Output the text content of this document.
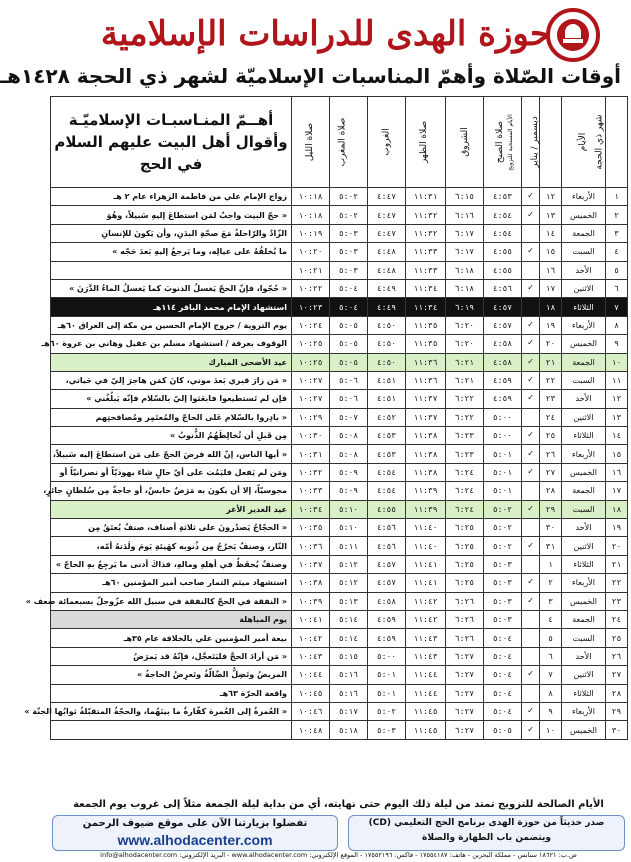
حوزة الهدى للدراسات الإسلامية
أوقات الصّلاة وأهمّ المناسبات الإسلاميّة لشهر ذي الحجة ١٤٢٨هـ
شهر ذي الحجة	الأيام	ديسمبر / يناير	الأيام المستحبة للتزويج	صلاة الصبح	الشروق	صلاة الظهر	الغروب	صلاة المغرب	صلاة الليل	أهــمّ المنـاسبـات الإسلاميّـة وأقوال أهل البيت عليهم السلام في الحج
١	الأربعاء	١٢	✓	٤:٥٣	٦:١٥	١١:٣١	٤:٤٧	٥:٠٢	١٠:١٨	زواج الإمام علي من فاطمة الزهراء عام ٢ هـ
٢	الخميس	١٣	✓	٤:٥٤	٦:١٦	١١:٣٢	٤:٤٧	٥:٠٢	١٠:١٨	« حجّ البيت واجبٌ لمَن استطاعَ إليهِ سَبيلاً، وهُوَ
٣	الجمعة	١٤		٤:٥٤	٦:١٧	١١:٣٢	٤:٤٧	٥:٠٣	١٠:١٩	الزّادُ والرّاحلةُ مَعَ صحّةِ البدَنِ، وأن يَكونَ للإنسانِ
٤	السبت	١٥	✓	٤:٥٥	٦:١٧	١١:٣٣	٤:٤٨	٥:٠٣	١٠:٢٠	ما يُخلفُهُ على عيالِه، وما يَرجعُ إليهِ بَعدَ حَجّه »
٥	الأحد	١٦		٤:٥٥	٦:١٨	١١:٣٣	٤:٤٨	٥:٠٣	١٠:٢١	
٦	الاثنين	١٧	✓	٤:٥٦	٦:١٨	١١:٣٤	٤:٤٩	٥:٠٤	١٠:٢٢	« حُجّوا، فإنّ الحجّ يَغسلُ الذنوبَ كما يَغسلُ الماءُ الدَّرَنَ »
٧	الثلاثاء	١٨		٤:٥٧	٦:١٩	١١:٣٤	٤:٤٩	٥:٠٤	١٠:٢٣	استشهاد الإمام محمد الباقر ١١٤هـ
٨	الأربعاء	١٩	✓	٤:٥٧	٦:٢٠	١١:٣٥	٤:٥٠	٥:٠٥	١٠:٢٤	يوم التروية / خروج الإمام الحسين من مكة إلى العراق ٦٠هـ
٩	الخميس	٢٠	✓	٤:٥٨	٦:٢٠	١١:٣٥	٤:٥٠	٥:٠٥	١٠:٢٥	الوقوف بعرفة / استشهاد مسلم بن عقيل وهاني بن عروة ٦٠هـ
١٠	الجمعة	٢١	✓	٤:٥٨	٦:٢١	١١:٣٦	٤:٥٠	٥:٠٥	١٠:٢٥	عيد الأضحى المبارك
١١	السبت	٢٢	✓	٤:٥٩	٦:٢١	١١:٣٦	٤:٥١	٥:٠٦	١٠:٢٧	« مَن زارَ قبري بَعدَ موتي، كانَ كمَن هاجرَ إليّ في حَياتي،
١٢	الأحد	٢٣	✓	٤:٥٩	٦:٢٢	١١:٣٧	٤:٥١	٥:٠٦	١٠:٢٧	فإن لم تَستطيعوا فابعَثوا إليّ بالسّلام فإنّه يَبلُغُني »
١٣	الاثنين	٢٤		٥:٠٠	٦:٢٢	١١:٣٧	٤:٥٢	٥:٠٧	١٠:٢٩	« بادِروا بالسّلام عَلى الحاجّ والمُعتَمِر ومُصافحتِهم
١٤	الثلاثاء	٢٥	✓	٥:٠٠	٦:٢٣	١١:٣٨	٤:٥٣	٥:٠٨	١٠:٣٠	مِن قَبلِ أن تُخالِطَهُمُ الذُّنوبُ »
١٥	الأربعاء	٢٦	✓	٥:٠١	٦:٢٣	١١:٣٨	٤:٥٣	٥:٠٨	١٠:٣١	« أيها الناس، إنّ الله فرضَ الحجّ على مَن استطاعَ إليه سَبيلاً،
١٦	الخميس	٢٧	✓	٥:٠١	٦:٢٤	١١:٣٨	٤:٥٤	٥:٠٩	١٠:٣٢	ومَن لم يَفعل فليَمُت على أيّ حالٍ شاءَ يهوديّاً أو نصرانيّاً أو
١٧	الجمعة	٢٨		٥:٠١	٦:٢٤	١١:٣٩	٤:٥٤	٥:٠٩	١٠:٣٣	مجوسيّاً، إلا أن يكونَ به مَرَضٌ حابسٌ، أو حاجةٌ مِن سُلطانٍ جائرٍ،
١٨	السبت	٢٩	✓	٥:٠٢	٦:٢٤	١١:٣٩	٤:٥٥	٥:١٠	١٠:٣٤	عيد الغدير الأغر
١٩	الأحد	٣٠		٥:٠٢	٦:٢٥	١١:٤٠	٤:٥٦	٥:١٠	١٠:٣٥	« الحجّاجُ يَصدُرونَ على ثلاثةِ أصناف، صنفٌ يُعتَقُ مِن
٢٠	الاثنين	٣١	✓	٥:٠٢	٦:٢٥	١١:٤٠	٤:٥٦	٥:١١	١٠:٣٦	النّار، وصنفٌ يَخرُجُ مِن ذُنوبه كهَيئةِ يَومَ ولَدَتهُ أمّه،
٢١	الثلاثاء	١		٥:٠٣	٦:٢٥	١١:٤١	٤:٥٧	٥:١٢	١٠:٣٧	وصنفٌ يُحفَظُ في أهلهِ ومالهِ، فذاكَ أدنى ما يَرجِعُ بهِ الحاجّ »
٢٢	الأربعاء	٢	✓	٥:٠٣	٦:٢٥	١١:٤١	٤:٥٧	٥:١٢	١٠:٣٨	استشهاد ميثم التمار صاحب أمير المؤمنين ٦٠هـ
٢٣	الخميس	٣	✓	٥:٠٣	٦:٢٦	١١:٤٢	٤:٥٨	٥:١٣	١٠:٣٩	« النفقة في الحجّ كالنفقة في سبيل الله عزّوجلّ بسبعمائة ضعف »
٢٤	الجمعة	٤		٥:٠٣	٦:٢٦	١١:٤٢	٤:٥٩	٥:١٤	١٠:٤١	يوم المباهلة
٢٥	السبت	٥		٥:٠٤	٦:٢٦	١١:٤٣	٤:٥٩	٥:١٤	١٠:٤٢	بيعة أمير المؤمنين علي بالخلافة عام ٣٥هـ
٢٦	الأحد	٦		٥:٠٤	٦:٢٧	١١:٤٣	٥:٠٠	٥:١٥	١٠:٤٣	« مَن أرادَ الحجَّ فليَتَعجَّل، فإنّهُ قد يَمرَضُ
٢٧	الاثنين	٧	✓	٥:٠٤	٦:٢٧	١١:٤٤	٥:٠١	٥:١٦	١٠:٤٤	المريضُ وتَضِلُّ الضّالّةُ وتَعرِضُ الحاجةُ »
٢٨	الثلاثاء	٨		٥:٠٤	٦:٢٧	١١:٤٤	٥:٠١	٥:١٦	١٠:٤٥	واقعة الحرّة ٦٣هـ
٢٩	الأربعاء	٩	✓	٥:٠٤	٦:٢٧	١١:٤٥	٥:٠٢	٥:١٧	١٠:٤٦	« العُمرةُ إلى العُمرة كفّارةٌ ما بينَهُما، والحجّةُ المتقبّلةُ ثوابُها الجنّة »
٣٠	الخميس	١٠	✓	٥:٠٥	٦:٢٧	١١:٤٥	٥:٠٣	٥:١٨	١٠:٤٨	
الأيام الصالحة للتزويج تمتد من ليلة ذلك اليوم حتى نهايته، أي من بداية ليلة الجمعة مثلاً إلى غروب يوم الجمعة
صدر حديثاً من حوزة الهدى برنامج الحج التعليمي (CD)
ويتضمن باب الطهارة والصلاة
تفضلوا بزيارتنا الآن على موقع ضيوف الرحمن
www.alhodacenter.com
ص.ب: ١٨٦٢١ سنابس - مملكة البحرين - هاتف: ١٧٥٥٤١٨٧ - فاكس: ١٧٥٥٢١٩٦ - الموقع الإلكتروني: www.alhodacenter.com - البريد الإلكتروني: info@alhodacenter.com
